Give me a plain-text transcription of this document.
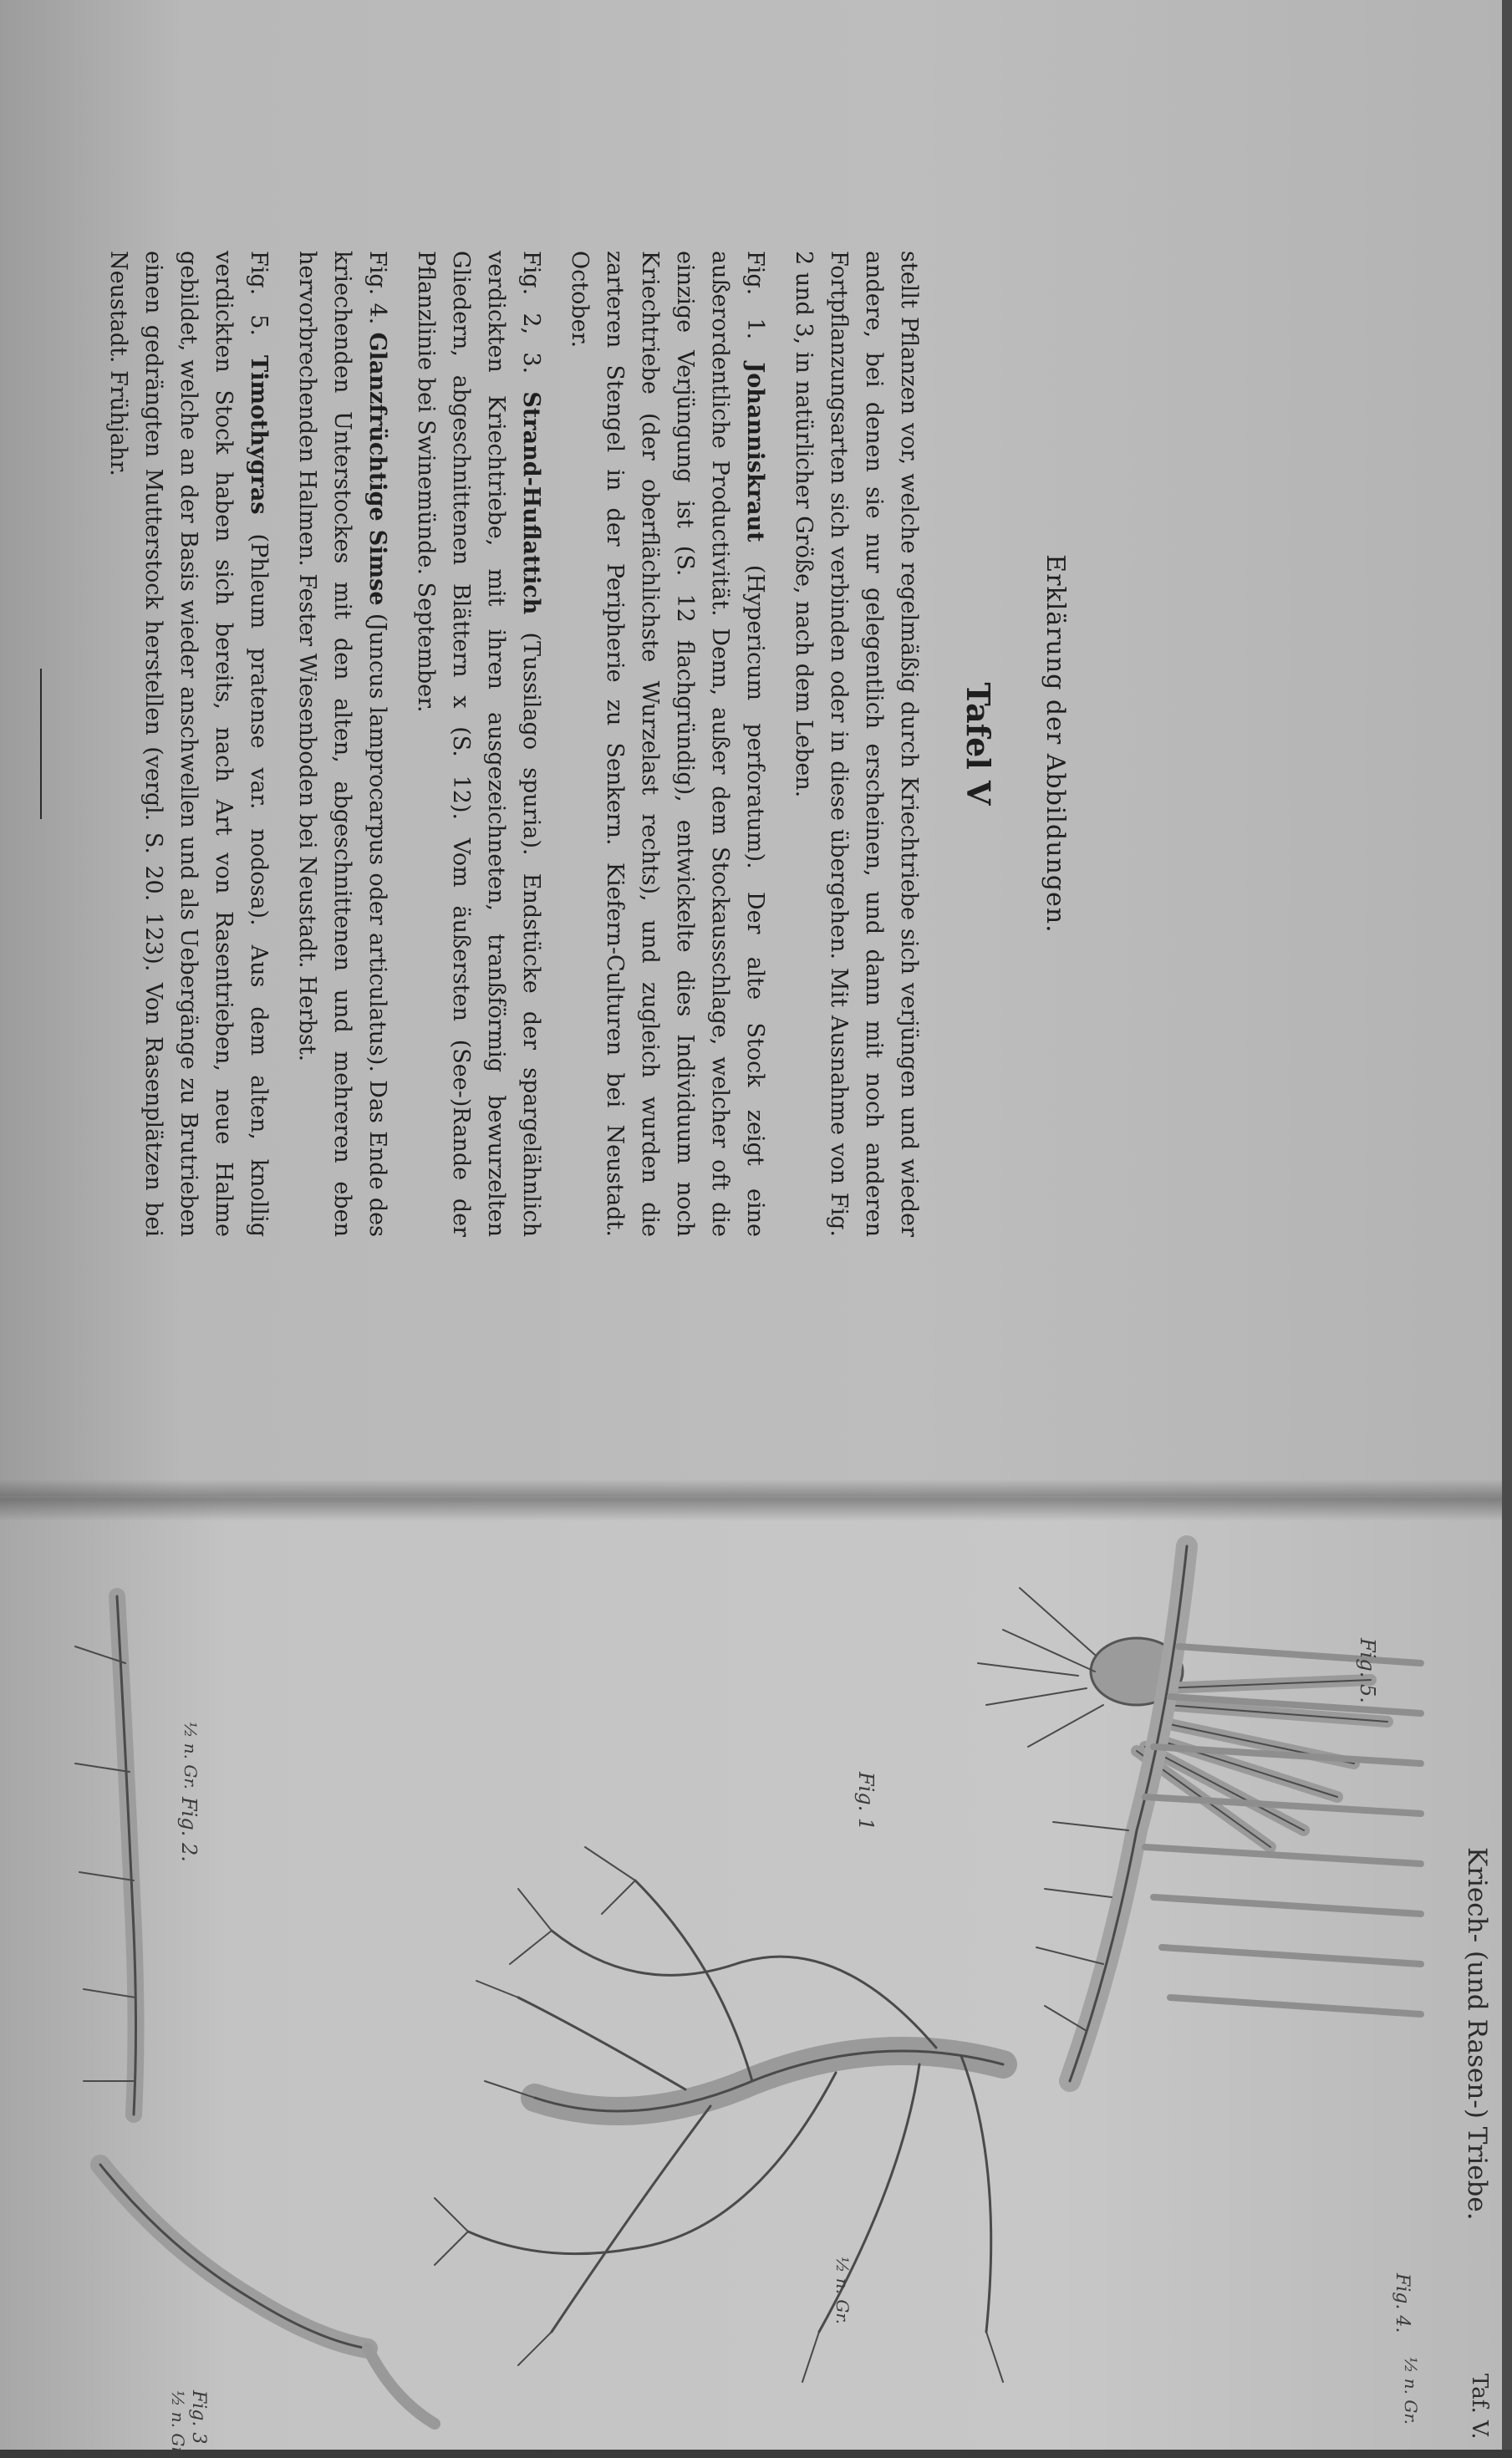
Erklärung der Abbildungen.
Tafel V
stellt Pflanzen vor, welche regelmäßig durch Kriechtriebe sich verjüngen und wieder andere, bei denen sie nur gelegentlich erscheinen, und dann mit noch anderen Fortpflanzungsarten sich verbinden oder in diese übergehen. Mit Ausnahme von Fig. 2 und 3, in natürlicher Größe, nach dem Leben.
Fig. 1. Johanniskraut (Hypericum perforatum). Der alte Stock zeigt eine außerordentliche Productivität. Denn, außer dem Stockausschlage, welcher oft die einzige Verjüngung ist (S. 12 flachgründig), entwickelte dies Individuum noch Kriechtriebe (der oberflächlichste Wurzelast rechts), und zugleich wurden die zarteren Stengel in der Peripherie zu Senkern. Kiefern-Culturen bei Neustadt. October.
Fig. 2, 3. Strand-Huflattich (Tussilago spuria). Endstücke der spargelähnlich verdickten Kriechtriebe, mit ihren ausgezeichneten, tranßförmig bewurzelten Gliedern, abgeschnittenen Blättern x (S. 12). Vom äußersten (See-)Rande der Pflanzlinie bei Swinemünde. September.
Fig. 4. Glanzfrüchtige Simse (Juncus lamprocarpus oder articulatus). Das Ende des kriechenden Unterstockes mit den alten, abgeschnittenen und mehreren eben hervorbrechenden Halmen. Fester Wiesenboden bei Neustadt. Herbst.
Fig. 5. Timothygras (Phleum pratense var. nodosa). Aus dem alten, knollig verdickten Stock haben sich bereits, nach Art von Rasentrieben, neue Halme gebildet, welche an der Basis wieder anschwellen und als Uebergänge zu Brutrieben einen gedrängten Mutterstock herstellen (vergl. S. 20. 123). Von Rasenplätzen bei Neustadt. Frühjahr.
Kriech- (und Rasen-) Triebe.
Taf. V.
Fig. 5.
Fig. 1
Fig. 4.
Fig. 2.
Fig. 3	½ n. Gr.
½ n. Gr.
½ n. Gr.
½ n. Gr.
